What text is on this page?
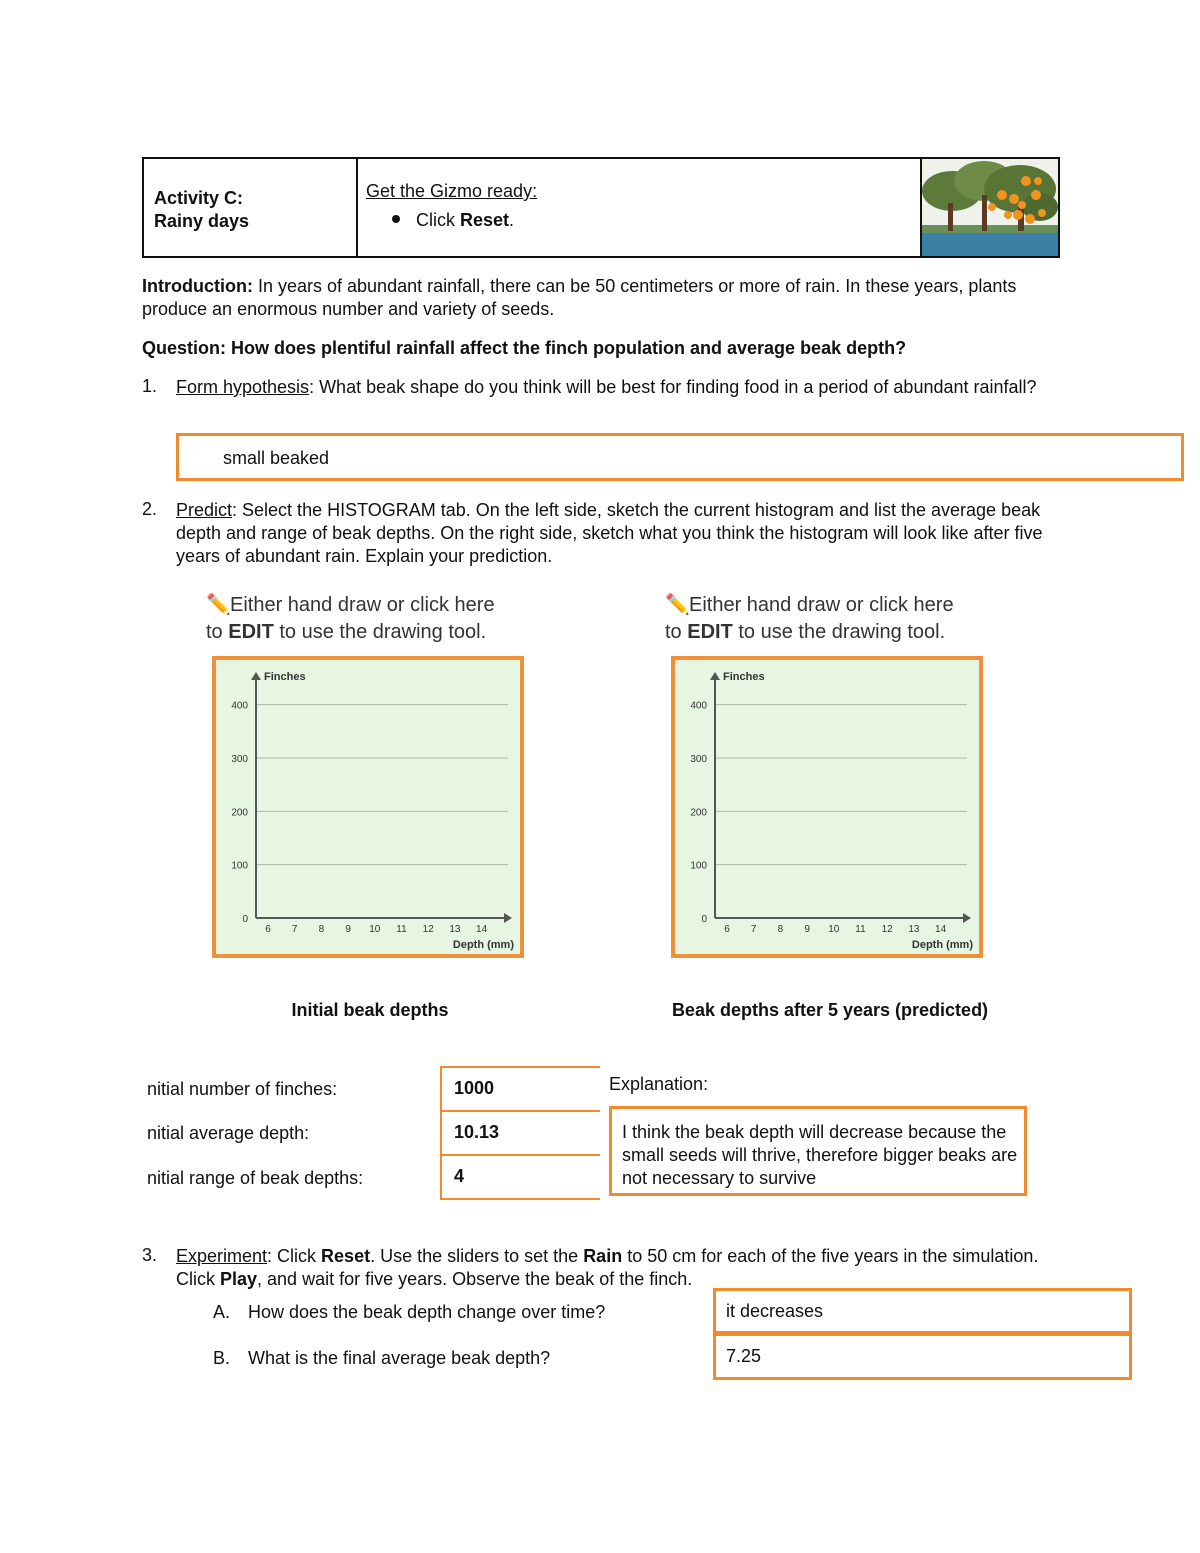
Activity C:
Rainy days
Get the Gizmo ready:
Click Reset.

Introduction: In years of abundant rainfall, there can be 50 centimeters or more of rain. In these years, plants produce an enormous number and variety of seeds.

Question: How does plentiful rainfall affect the finch population and average beak depth?

1. Form hypothesis: What beak shape do you think will be best for finding food in a period of abundant rainfall?
small beaked
2. Predict: Select the HISTOGRAM tab. On the left side, sketch the current histogram and list the average beak depth and range of beak depths. On the right side, sketch what you think the histogram will look like after five years of abundant rain. Explain your prediction.
✏️Either hand draw or click here
to EDIT to use the drawing tool.
✏️Either hand draw or click here
to EDIT to use the drawing tool.
0
100
200
300
400
Finches
6 7 8 9 10 11 12 13 14
Depth (mm)
0
100
200
300
400
Finches
6 7 8 9 10 11 12 13 14
Depth (mm)
Initial beak depths	Beak depths after 5 years (predicted)
nitial number of finches:
nitial average depth:
nitial range of beak depths:
1000
10.13
4
Explanation:
I think the beak depth will decrease because the small seeds will thrive, therefore bigger beaks are not necessary to survive
3. Experiment: Click Reset. Use the sliders to set the Rain to 50 cm for each of the five years in the simulation. Click Play, and wait for five years. Observe the beak of the finch.
A. How does the beak depth change over time?
B. What is the final average beak depth?
it decreases
7.25
